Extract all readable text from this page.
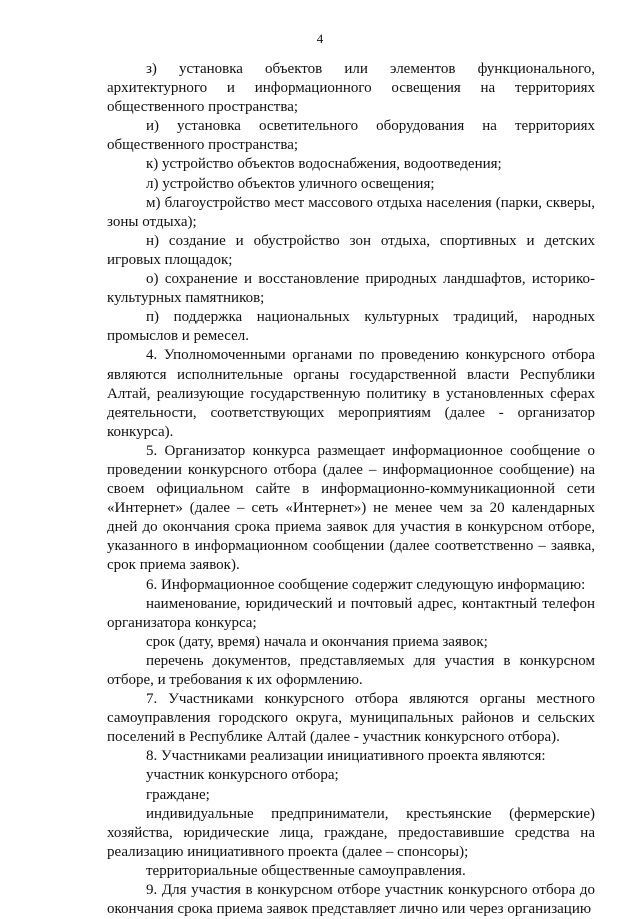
4

з) установка объектов или элементов функционального, архитектурного и информационного освещения на территориях общественного пространства;

и) установка осветительного оборудования на территориях общественного пространства;

к) устройство объектов водоснабжения, водоотведения;

л) устройство объектов уличного освещения;

м) благоустройство мест массового отдыха населения (парки, скверы, зоны отдыха);

н) создание и обустройство зон отдыха, спортивных и детских игровых площадок;

о) сохранение и восстановление природных ландшафтов, историко-культурных памятников;

п) поддержка национальных культурных традиций, народных промыслов и ремесел.

4. Уполномоченными органами по проведению конкурсного отбора являются исполнительные органы государственной власти Республики Алтай, реализующие государственную политику в установленных сферах деятельности, соответствующих мероприятиям (далее - организатор конкурса).

5. Организатор конкурса размещает информационное сообщение о проведении конкурсного отбора (далее – информационное сообщение) на своем официальном сайте в информационно-коммуникационной сети «Интернет» (далее – сеть «Интернет») не менее чем за 20 календарных дней до окончания срока приема заявок для участия в конкурсном отборе, указанного в информационном сообщении (далее соответственно – заявка, срок приема заявок).

6. Информационное сообщение содержит следующую информацию:

наименование, юридический и почтовый адрес, контактный телефон организатора конкурса;

срок (дату, время) начала и окончания приема заявок;

перечень документов, представляемых для участия в конкурсном отборе, и требования к их оформлению.

7. Участниками конкурсного отбора являются органы местного самоуправления городского округа, муниципальных районов и сельских поселений в Республике Алтай (далее - участник конкурсного отбора).

8. Участниками реализации инициативного проекта являются:

участник конкурсного отбора;

граждане;

индивидуальные предприниматели, крестьянские (фермерские) хозяйства, юридические лица, граждане, предоставившие средства на реализацию инициативного проекта (далее – спонсоры);

территориальные общественные самоуправления.

9. Для участия в конкурсном отборе участник конкурсного отбора до окончания срока приема заявок представляет лично или через организацию
